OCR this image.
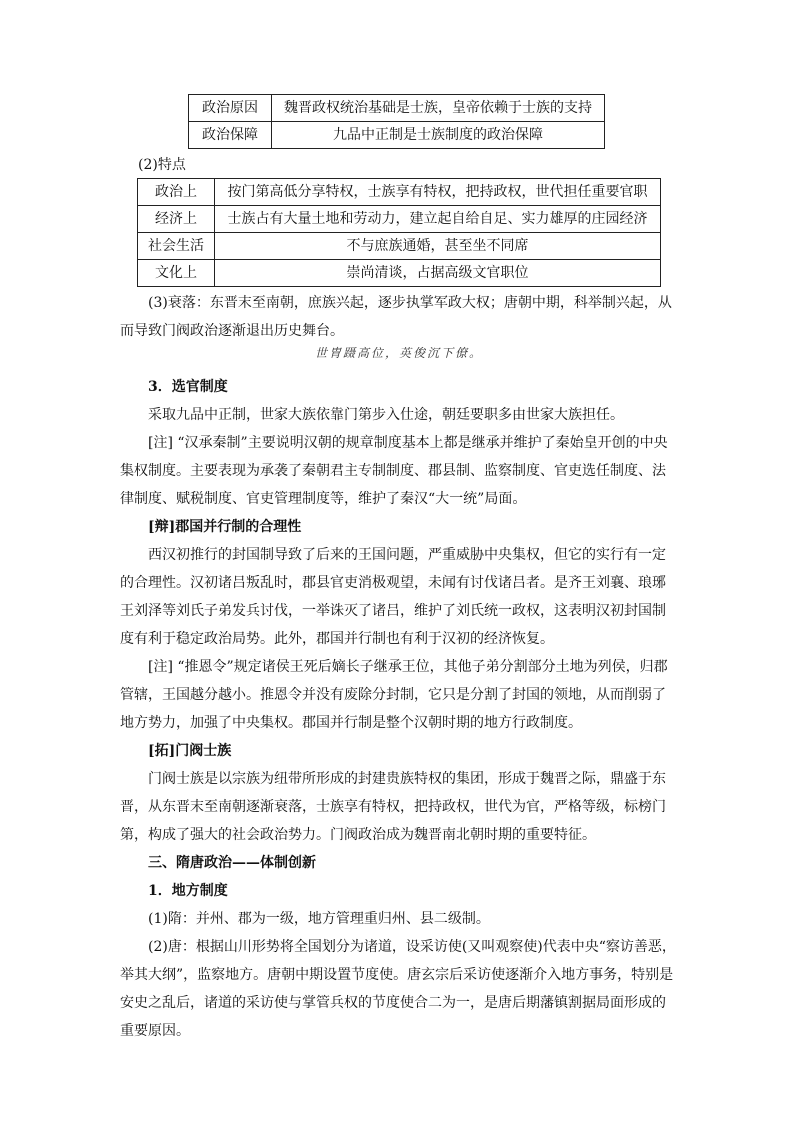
政治原因	魏晋政权统治基础是士族，皇帝依赖于士族的支持
政治保障	九品中正制是士族制度的政治保障
(2)特点
政治上	按门第高低分享特权，士族享有特权，把持政权，世代担任重要官职
经济上	士族占有大量土地和劳动力，建立起自给自足、实力雄厚的庄园经济
社会生活	不与庶族通婚，甚至坐不同席
文化上	崇尚清谈，占据高级文官职位
(3)衰落：东晋末至南朝，庶族兴起，逐步执掌军政大权；唐朝中期，科举制兴起，从
而导致门阀政治逐渐退出历史舞台。
世胄蹑高位，英俊沉下僚。
3．选官制度
采取九品中正制，世家大族依靠门第步入仕途，朝廷要职多由世家大族担任。
[注] “汉承秦制”主要说明汉朝的规章制度基本上都是继承并维护了秦始皇开创的中央
集权制度。主要表现为承袭了秦朝君主专制制度、郡县制、监察制度、官吏选任制度、法
律制度、赋税制度、官吏管理制度等，维护了秦汉“大一统”局面。
[辩]郡国并行制的合理性
西汉初推行的封国制导致了后来的王国问题，严重威胁中央集权，但它的实行有一定
的合理性。汉初诸吕叛乱时，郡县官吏消极观望，未闻有讨伐诸吕者。是齐王刘襄、琅琊
王刘泽等刘氏子弟发兵讨伐，一举诛灭了诸吕，维护了刘氏统一政权，这表明汉初封国制
度有利于稳定政治局势。此外，郡国并行制也有利于汉初的经济恢复。
[注] “推恩令”规定诸侯王死后嫡长子继承王位，其他子弟分割部分土地为列侯，归郡
管辖，王国越分越小。推恩令并没有废除分封制，它只是分割了封国的领地，从而削弱了
地方势力，加强了中央集权。郡国并行制是整个汉朝时期的地方行政制度。
[拓]门阀士族
门阀士族是以宗族为纽带所形成的封建贵族特权的集团，形成于魏晋之际，鼎盛于东
晋，从东晋末至南朝逐渐衰落，士族享有特权，把持政权，世代为官，严格等级，标榜门
第，构成了强大的社会政治势力。门阀政治成为魏晋南北朝时期的重要特征。
三、隋唐政治——体制创新
1．地方制度
(1)隋：并州、郡为一级，地方管理重归州、县二级制。
(2)唐：根据山川形势将全国划分为诸道，设采访使(又叫观察使)代表中央“察访善恶，
举其大纲”，监察地方。唐朝中期设置节度使。唐玄宗后采访使逐渐介入地方事务，特别是
安史之乱后，诸道的采访使与掌管兵权的节度使合二为一，是唐后期藩镇割据局面形成的
重要原因。
